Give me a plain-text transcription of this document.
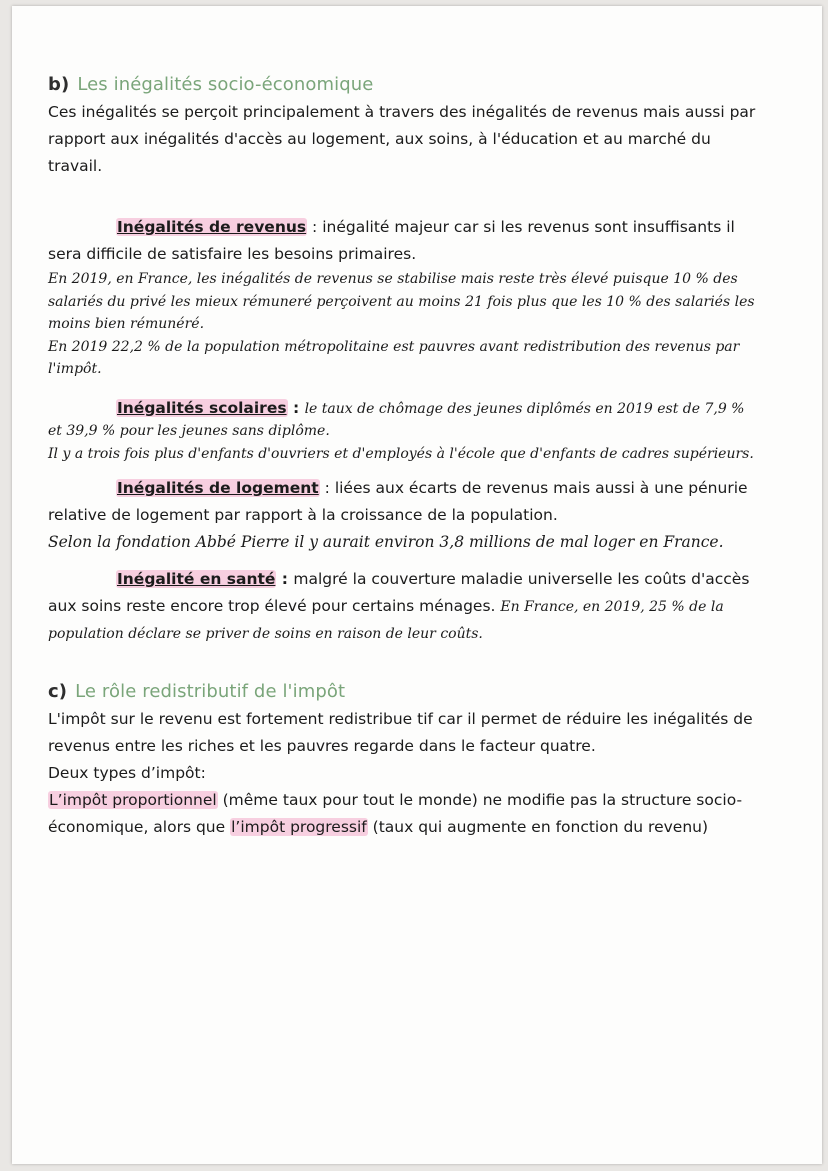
b) Les inégalités socio-économique

Ces inégalités se perçoit principalement à travers des inégalités de revenus mais aussi par rapport aux inégalités d'accès au logement, aux soins, à l'éducation et au marché du travail.

Inégalités de revenus : inégalité majeur car si les revenus sont insuffisants il sera difficile de satisfaire les besoins primaires.

En 2019, en France, les inégalités de revenus se stabilise mais reste très élevé puisque 10 % des salariés du privé les mieux rémuneré perçoivent au moins 21 fois plus que les 10 % des salariés les moins bien rémunéré.

En 2019 22,2 % de la population métropolitaine est pauvres avant redistribution des revenus par l'impôt.

Inégalités scolaires : le taux de chômage des jeunes diplômés en 2019 est de 7,9 % et 39,9 % pour les jeunes sans diplôme.

Il y a trois fois plus d'enfants d'ouvriers et d'employés à l'école que d'enfants de cadres supérieurs.

Inégalités de logement : liées aux écarts de revenus mais aussi à une pénurie relative de logement par rapport à la croissance de la population.

Selon la fondation Abbé Pierre il y aurait environ 3,8 millions de mal loger en France.

Inégalité en santé : malgré la couverture maladie universelle les coûts d'accès aux soins reste encore trop élevé pour certains ménages. En France, en 2019, 25 % de la population déclare se priver de soins en raison de leur coûts.

c) Le rôle redistributif de l'impôt

L'impôt sur le revenu est fortement redistribue tif car il permet de réduire les inégalités de revenus entre les riches et les pauvres regarde dans le facteur quatre.

Deux types d’impôt:

L’impôt proportionnel (même taux pour tout le monde) ne modifie pas la structure socio-économique, alors que l’impôt progressif (taux qui augmente en fonction du revenu)
